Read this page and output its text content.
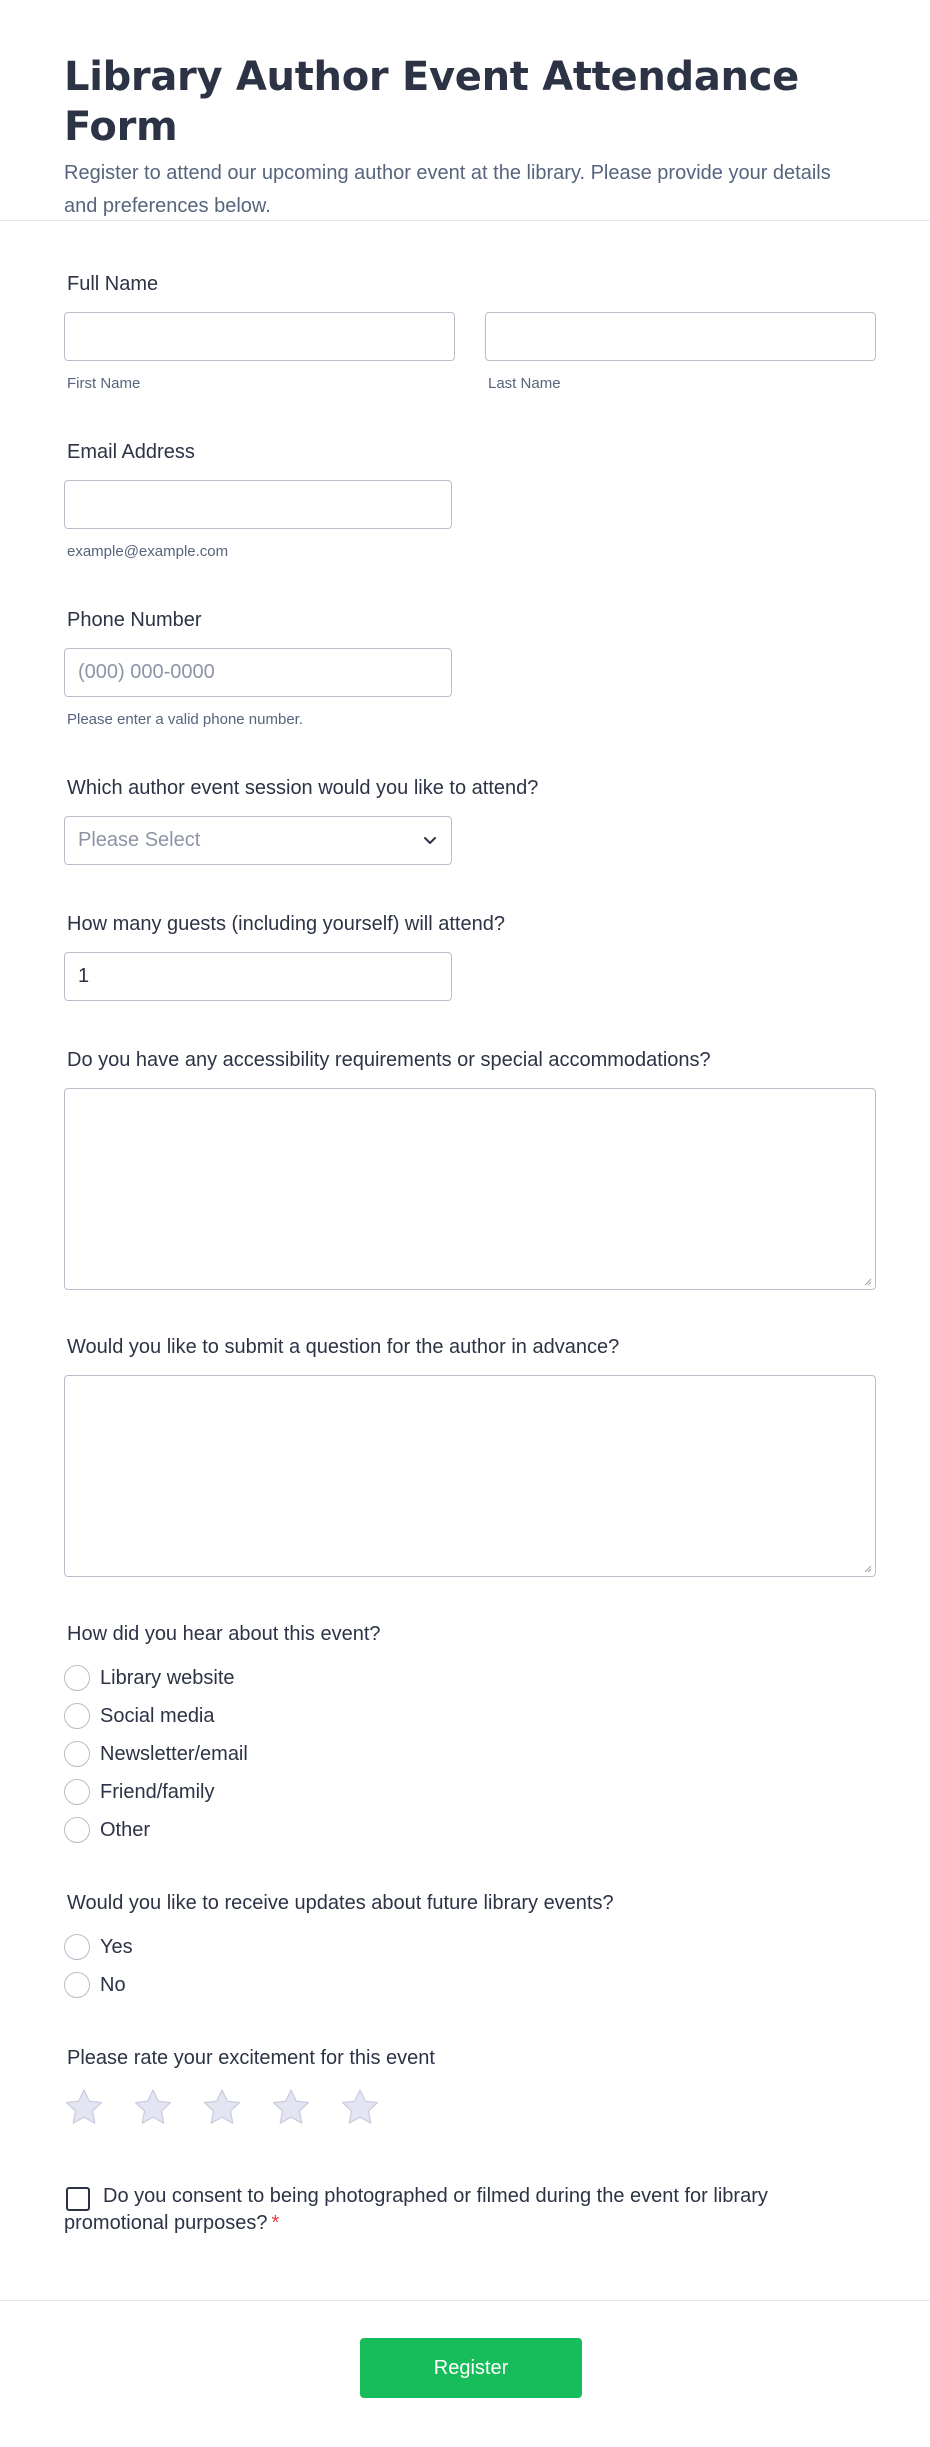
Library Author Event Attendance Form

Register to attend our upcoming author event at the library. Please provide your details and preferences below.

Full Name
First Name	Last Name
Email Address
example@example.com
Phone Number
(000) 000-0000
Please enter a valid phone number.
Which author event session would you like to attend?
Please Select
How many guests (including yourself) will attend?
1
Do you have any accessibility requirements or special accommodations?
Would you like to submit a question for the author in advance?
How did you hear about this event?
Library website
Social media
Newsletter/email
Friend/family
Other
Would you like to receive updates about future library events?
Yes
No
Please rate your excitement for this event
Do you consent to being photographed or filmed during the event for library promotional purposes? *
Register
